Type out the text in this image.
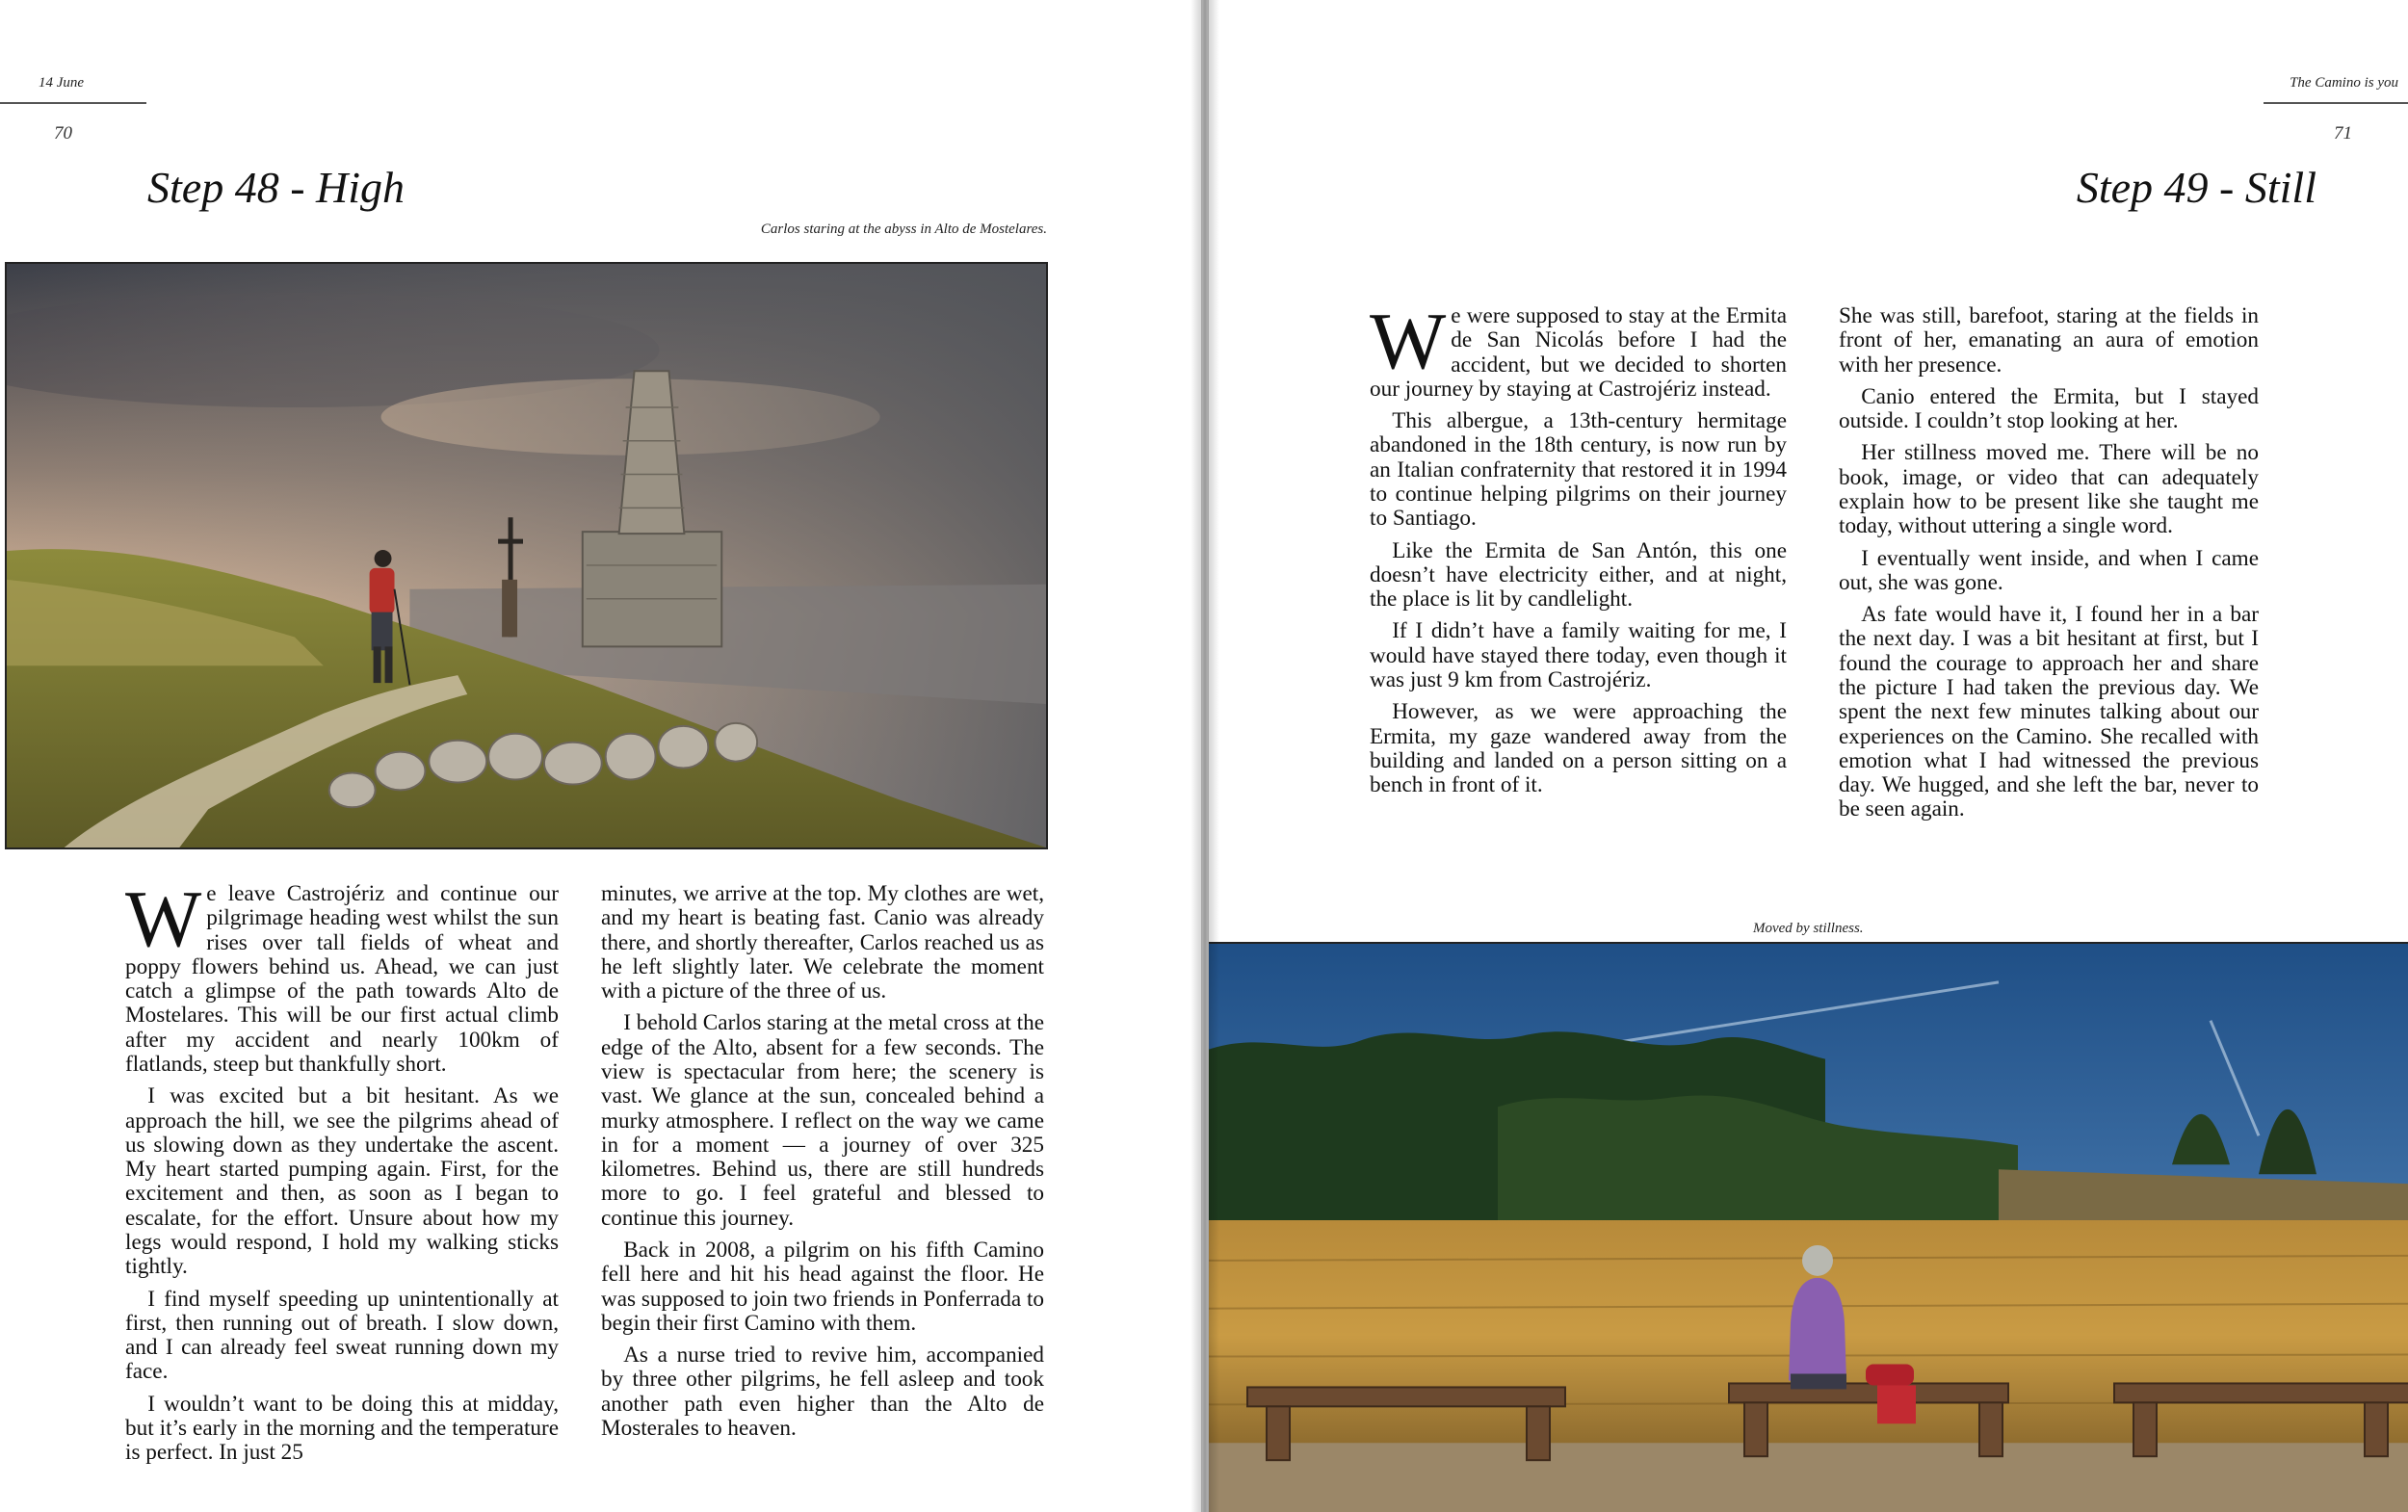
14 June
70
Step 48 - High
Carlos staring at the abyss in Alto de Mostelares.

We leave Castrojériz and continue our pilgrimage heading west whilst the sun rises over tall fields of wheat and poppy flowers behind us. Ahead, we can just catch a glimpse of the path towards Alto de Mostelares. This will be our first actual climb after my accident and nearly 100km of flatlands, steep but thankfully short.

I was excited but a bit hesitant. As we approach the hill, we see the pilgrims ahead of us slowing down as they undertake the ascent. My heart started pumping again. First, for the excitement and then, as soon as I began to escalate, for the effort. Unsure about how my legs would respond, I hold my walking sticks tightly.

I find myself speeding up unintentionally at first, then running out of breath. I slow down, and I can already feel sweat running down my face.

I wouldn’t want to be doing this at midday, but it’s early in the morning and the temperature is perfect. In just 25

minutes, we arrive at the top. My clothes are wet, and my heart is beating fast. Canio was already there, and shortly thereafter, Carlos reached us as he left slightly later. We celebrate the moment with a picture of the three of us.

I behold Carlos staring at the metal cross at the edge of the Alto, absent for a few seconds. The view is spectacular from here; the scenery is vast. We glance at the sun, concealed behind a murky atmosphere. I reflect on the way we came in for a moment — a journey of over 325 kilometres. Behind us, there are still hundreds more to go. I feel grateful and blessed to continue this journey.

Back in 2008, a pilgrim on his fifth Camino fell here and hit his head against the floor. He was supposed to join two friends in Ponferrada to begin their first Camino with them.

As a nurse tried to revive him, accompanied by three other pilgrims, he fell asleep and took another path even higher than the Alto de Mosterales to heaven.

The Camino is you
71
Step 49 - Still

We were supposed to stay at the Ermita de San Nicolás before I had the accident, but we decided to shorten our journey by staying at Castrojériz instead.

This albergue, a 13th-century hermitage abandoned in the 18th century, is now run by an Italian confraternity that restored it in 1994 to continue helping pilgrims on their journey to Santiago.

Like the Ermita de San Antón, this one doesn’t have electricity either, and at night, the place is lit by candlelight.

If I didn’t have a family waiting for me, I would have stayed there today, even though it was just 9 km from Castrojériz.

However, as we were approaching the Ermita, my gaze wandered away from the building and landed on a person sitting on a bench in front of it.

She was still, barefoot, staring at the fields in front of her, emanating an aura of emotion with her presence.

Canio entered the Ermita, but I stayed outside. I couldn’t stop looking at her.

Her stillness moved me. There will be no book, image, or video that can adequately explain how to be present like she taught me today, without uttering a single word.

I eventually went inside, and when I came out, she was gone.

As fate would have it, I found her in a bar the next day. I was a bit hesitant at first, but I found the courage to approach her and share the picture I had taken the previous day. We spent the next few minutes talking about our experiences on the Camino. She recalled with emotion what I had witnessed the previous day. We hugged, and she left the bar, never to be seen again.

Moved by stillness.
